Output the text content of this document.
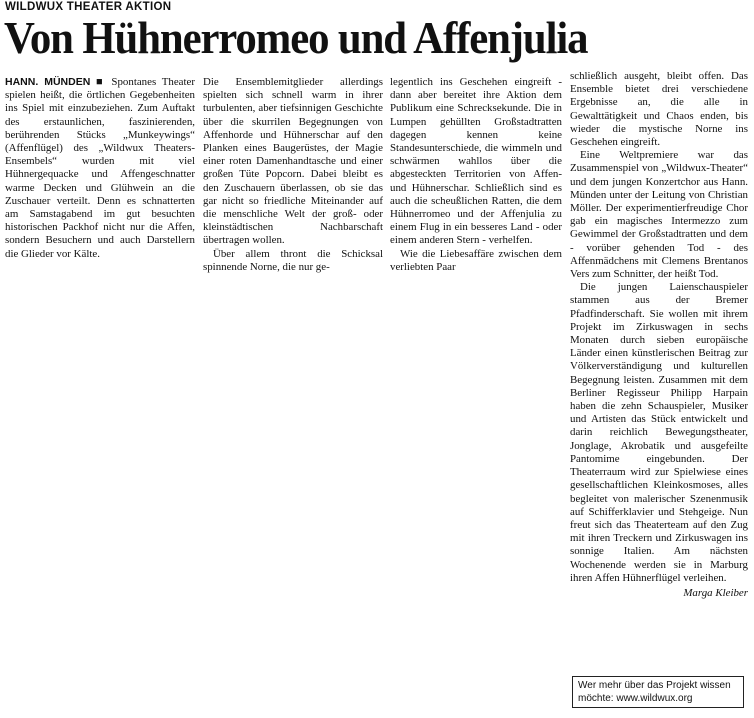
WILDWUX THEATER AKTION
Von Hühnerromeo und Affenjulia

HANN. MÜNDEN ■ Spontanes Theater spielen heißt, die örtlichen Gegebenheiten ins Spiel mit einzubeziehen. Zum Auftakt des erstaunlichen, faszinierenden, berührenden Stücks „Munkeywings“ (Affenflügel) des „Wildwux Theaters-Ensembels“ wurden mit viel Hühnergequacke und Affengeschnatter warme Decken und Glühwein an die Zuschauer verteilt. Denn es schnatterten am Samstagabend im gut besuchten historischen Packhof nicht nur die Affen, sondern Besuchern und auch Darstellern die Glieder vor Kälte.

Die Ensemblemitglieder allerdings spielten sich schnell warm in ihrer turbulenten, aber tiefsinnigen Geschichte über die skurrilen Begegnungen von Affenhorde und Hühnerschar auf den Planken eines Baugerüstes, der Magie einer roten Damenhandtasche und einer großen Tüte Popcorn. Dabei bleibt es den Zuschauern überlassen, ob sie das gar nicht so friedliche Miteinander auf die menschliche Welt der groß- oder kleinstädtischen Nachbarschaft übertragen wollen.

Über allem thront die Schicksal spinnende Norne, die nur ge-

legentlich ins Geschehen eingreift - dann aber bereitet ihre Aktion dem Publikum eine Schrecksekunde. Die in Lumpen gehüllten Großstadtratten dagegen kennen keine Standesunterschiede, die wimmeln und schwärmen wahllos über die abgesteckten Territorien von Affen- und Hühnerschar. Schließlich sind es auch die scheußlichen Ratten, die dem Hühnerromeo und der Affenjulia zu einem Flug in ein besseres Land - oder einem anderen Stern - verhelfen.

Wie die Liebesaffäre zwischen dem verliebten Paar

schließlich ausgeht, bleibt offen. Das Ensemble bietet drei verschiedene Ergebnisse an, die alle in Gewalttätigkeit und Chaos enden, bis wieder die mystische Norne ins Geschehen eingreift.

Eine Weltpremiere war das Zusammenspiel von „Wildwux-Theater“ und dem jungen Konzertchor aus Hann. Münden unter der Leitung von Christian Möller. Der experimentierfreudige Chor gab ein magisches Intermezzo zum Gewimmel der Großstadtratten und dem - vorüber gehenden Tod - des Affenmädchens mit Clemens Brentanos Vers zum Schnitter, der heißt Tod.

Die jungen Laienschauspieler stammen aus der Bremer Pfadfinderschaft. Sie wollen mit ihrem Projekt im Zirkuswagen in sechs Monaten durch sieben europäische Länder einen künstlerischen Beitrag zur Völkerverständigung und kulturellen Begegnung leisten. Zusammen mit dem Berliner Regisseur Philipp Harpain haben die zehn Schauspieler, Musiker und Artisten das Stück entwickelt und darin reichlich Bewegungstheater, Jonglage, Akrobatik und ausgefeilte Pantomime eingebunden. Der Theaterraum wird zur Spielwiese eines gesellschaftlichen Kleinkosmoses, alles begleitet von malerischer Szenenmusik auf Schifferklavier und Stehgeige. Nun freut sich das Theaterteam auf den Zug mit ihren Treckern und Zirkuswagen ins sonnige Italien. Am nächsten Wochenende werden sie in Marburg ihren Affen Hühnerflügel verleihen.

Marga Kleiber
Wer mehr über das Projekt wissen möchte: www.wildwux.org
